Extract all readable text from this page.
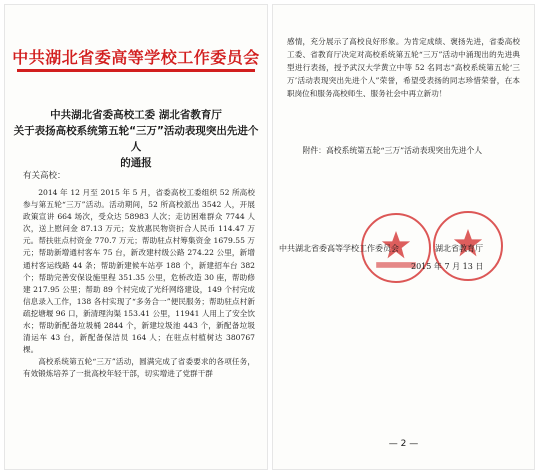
中共湖北省委高等学校工作委员会
中共湖北省委高校工委 湖北省教育厅
关于表扬高校系统第五轮“三万”活动表现突出先进个人
的通报
有关高校：

2014 年 12 月至 2015 年 5 月，省委高校工委组织 52 所高校参与第五轮“三万”活动。活动期间，52 所高校派出 3542 人，开展政策宣讲 664 场次，受众达 58983 人次；走访困难群众 7744 人次，送上慰问金 87.13 万元；发放惠民物资折合人民币 114.47 万元。帮扶驻点村资金 770.7 万元；帮助驻点村筹集资金 1679.55 万元；帮助新增通村客车 75 台，新改建村级公路 274.22 公里，新增通村客运线路 44 条；帮助新建候车站亭 188 个，新建招车台 382 个；帮助完善安保设施里程 351.35 公里，危桥改造 30 座，帮助修建 217.95 公里；帮助 89 个村完成了光纤网络建设，149 个村完成信息录入工作，138 各村实现了“多务合一”便民服务；帮助驻点村新疏挖塘堰 96 口，新清理沟渠 153.41 公里，11941 人用上了安全饮水；帮助新配备垃圾桶 2844 个，新建垃圾池 443 个，新配备垃圾清运车 43 台，新配备保洁员 164 人；在驻点村植树达 380767 棵。

高校系统第五轮“三万”活动，圆满完成了省委要求的各项任务，有效锻炼培养了一批高校年轻干部，切实增进了党群干群

感情，充分展示了高校良好形象。为肯定成绩、褒扬先进，省委高校工委、省教育厅决定对高校系统第五轮“三万”活动中涌现出的先进典型进行表扬，授予武汉大学黄立中等 52 名同志“高校系统第五轮‘三万’活动表现突出先进个人”荣誉，希望受表扬的同志珍惜荣誉，在本职岗位和服务高校师生、服务社会中再立新功！

附件：高校系统第五轮“三万”活动表现突出先进个人
中共湖北省委高等学校工作委员会	湖北省教育厅
2015 年 7 月 13 日
— 2 —
